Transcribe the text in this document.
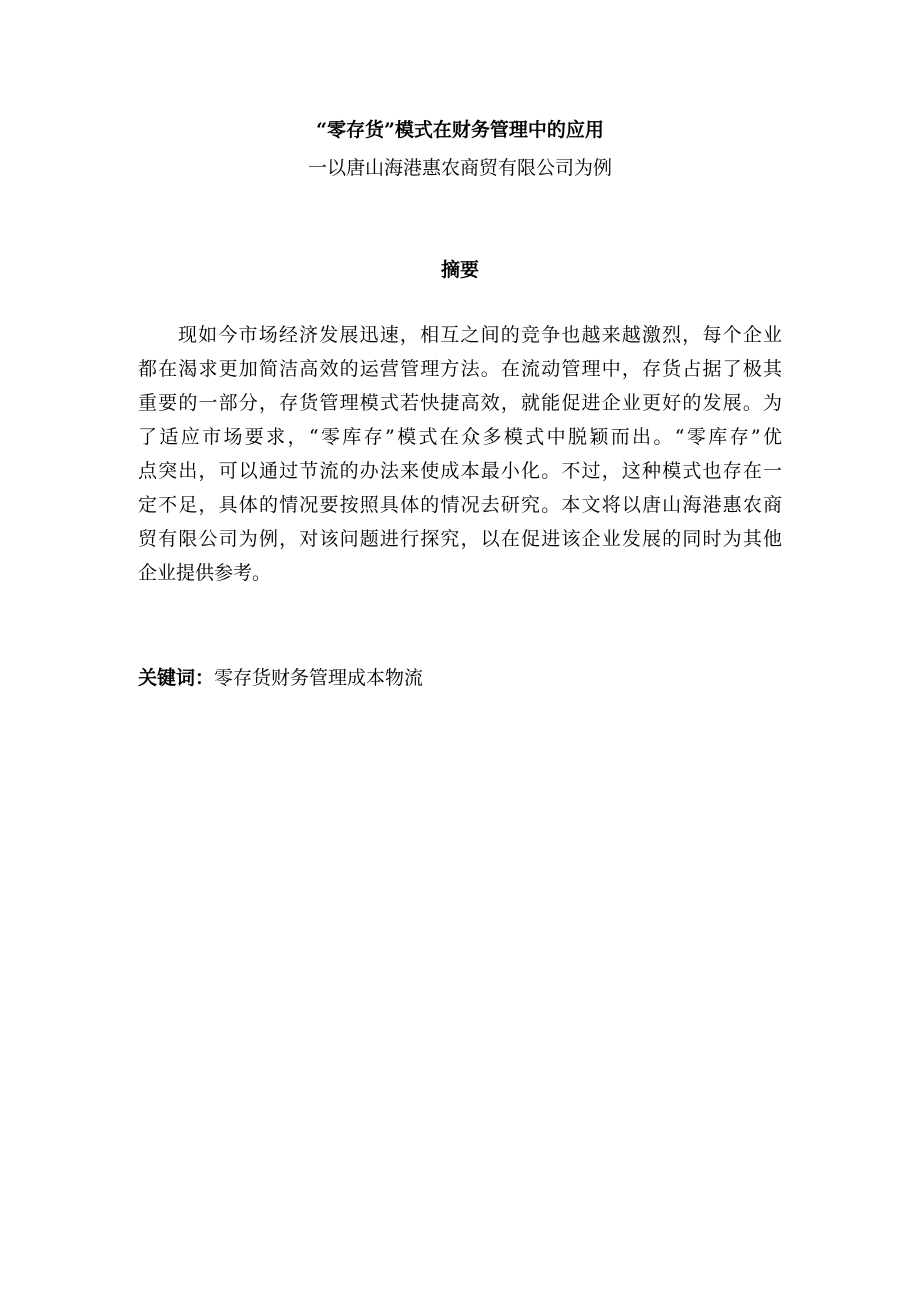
“零存货”模式在财务管理中的应用
一以唐山海港惠农商贸有限公司为例
摘要
现如今市场经济发展迅速，相互之间的竞争也越来越激烈，每个企业
都在渴求更加简洁高效的运营管理方法。在流动管理中，存货占据了极其
重要的一部分，存货管理模式若快捷高效，就能促进企业更好的发展。为
了适应市场要求，“零库存”模式在众多模式中脱颖而出。“零库存”优
点突出，可以通过节流的办法来使成本最小化。不过，这种模式也存在一
定不足，具体的情况要按照具体的情况去研究。本文将以唐山海港惠农商
贸有限公司为例，对该问题进行探究，以在促进该企业发展的同时为其他
企业提供参考。
关键词：零存货财务管理成本物流
